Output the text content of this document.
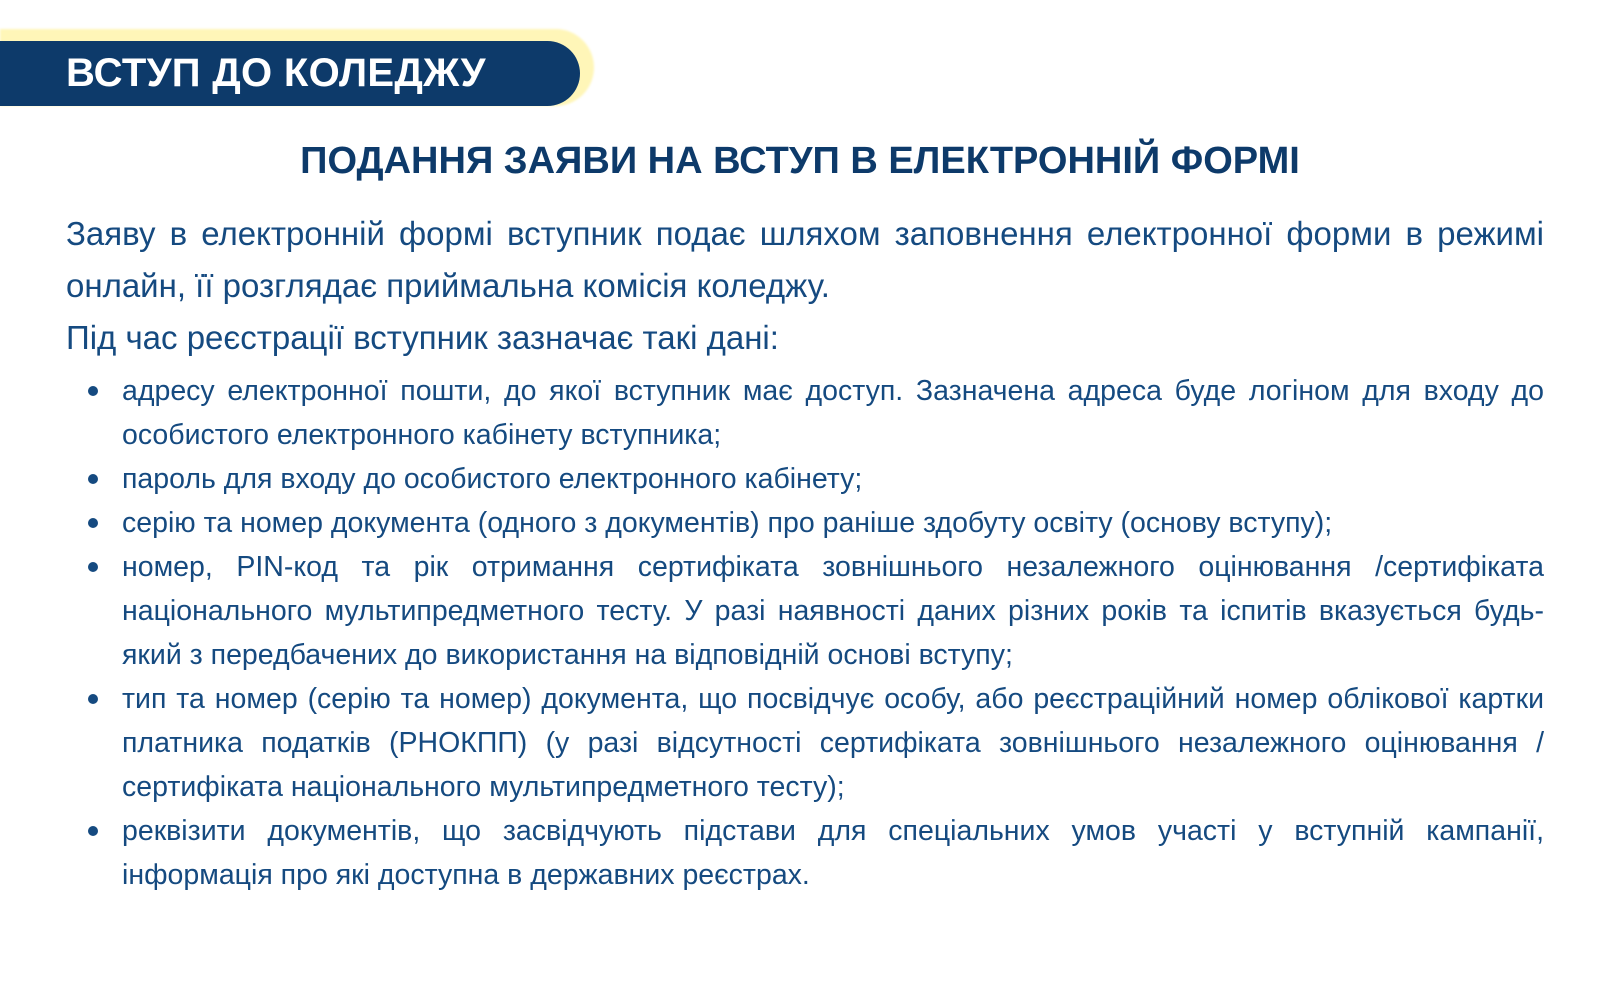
ВСТУП ДО КОЛЕДЖУ
ПОДАННЯ ЗАЯВИ НА ВСТУП В ЕЛЕКТРОННІЙ ФОРМІ

Заяву в електронній формі вступник подає шляхом заповнення електронної форми в режимі онлайн, її розглядає приймальна комісія коледжу.

Під час реєстрації вступник зазначає такі дані:

адресу електронної пошти, до якої вступник має доступ. Зазначена адреса буде логіном для входу до особистого електронного кабінету вступника;
пароль для входу до особистого електронного кабінету;
серію та номер документа (одного з документів) про раніше здобуту освіту (основу вступу);
номер, PIN-код та рік отримання сертифіката зовнішнього незалежного оцінювання /сертифіката національного мультипредметного тесту. У разі наявності даних різних років та іспитів вказується будь-який з передбачених до використання на відповідній основі вступу;
тип та номер (серію та номер) документа, що посвідчує особу, або реєстраційний номер облікової картки платника податків (РНОКПП) (у разі відсутності сертифіката зовнішнього незалежного оцінювання / сертифіката національного мультипредметного тесту);
реквізити документів, що засвідчують підстави для спеціальних умов участі у вступній кампанії, інформація про які доступна в державних реєстрах.
